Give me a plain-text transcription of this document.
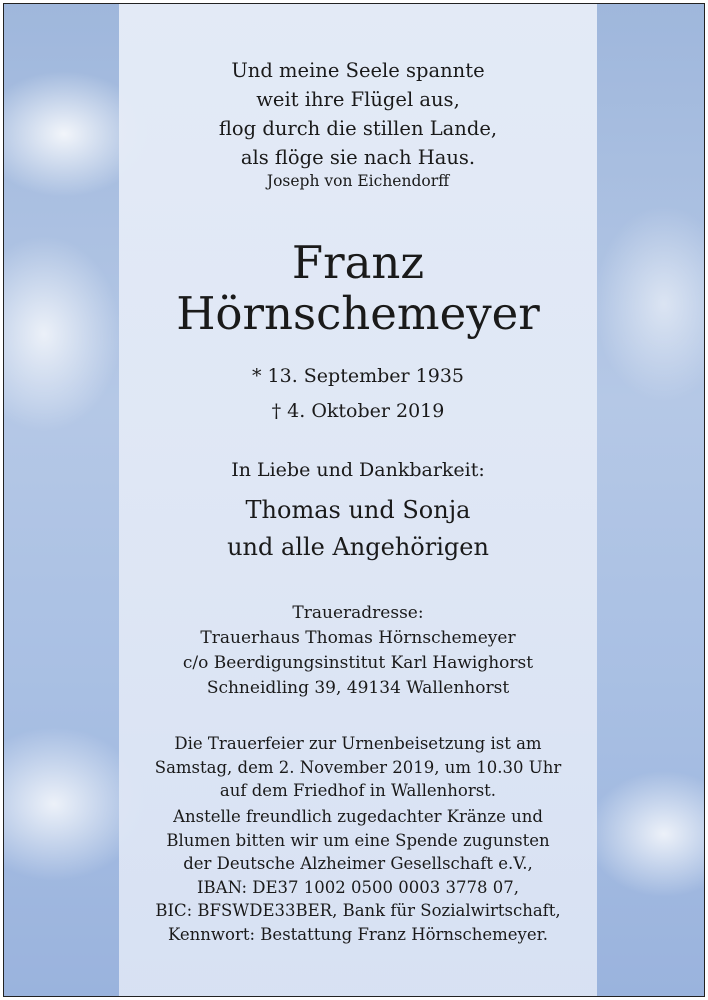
Und meine Seele spannte
weit ihre Flügel aus,
flog durch die stillen Lande,
als flöge sie nach Haus.
Joseph von Eichendorff
Franz
Hörnschemeyer
* 13. September 1935
† 4. Oktober 2019
In Liebe und Dankbarkeit:
Thomas und Sonja
und alle Angehörigen
Traueradresse:
Trauerhaus Thomas Hörnschemeyer
c/o Beerdigungsinstitut Karl Hawighorst
Schneidling 39, 49134 Wallenhorst
Die Trauerfeier zur Urnenbeisetzung ist am
Samstag, dem 2. November 2019, um 10.30 Uhr
auf dem Friedhof in Wallenhorst.
Anstelle freundlich zugedachter Kränze und
Blumen bitten wir um eine Spende zugunsten
der Deutsche Alzheimer Gesellschaft e.V.,
IBAN: DE37 1002 0500 0003 3778 07,
BIC: BFSWDE33BER, Bank für Sozialwirtschaft,
Kennwort: Bestattung Franz Hörnschemeyer.
